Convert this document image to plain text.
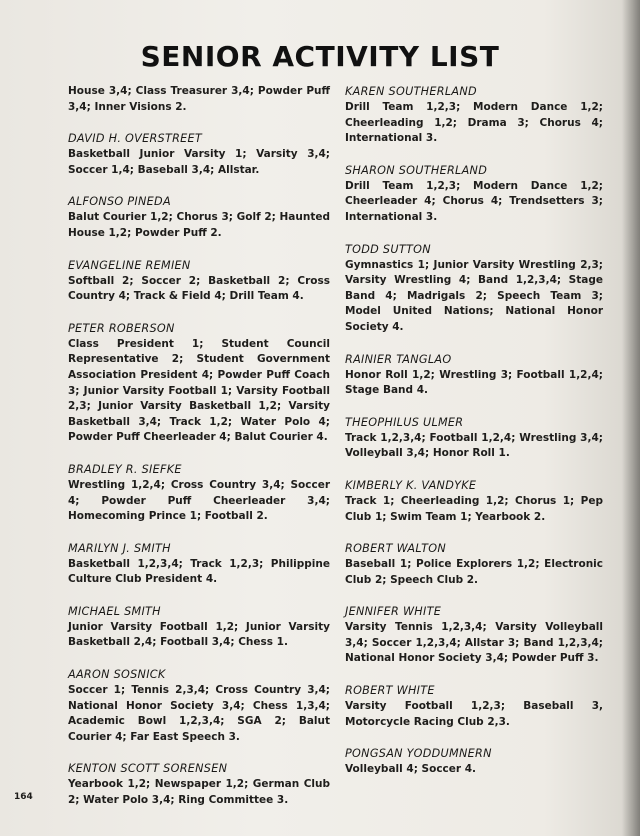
SENIOR ACTIVITY LIST

House 3,4; Class Treasurer 3,4; Powder Puff 3,4; Inner Visions 2.

DAVID H. OVERSTREET

Basketball Junior Varsity 1; Varsity 3,4; Soccer 1,4; Baseball 3,4; Allstar.

ALFONSO PINEDA

Balut Courier 1,2; Chorus 3; Golf 2; Haunted House 1,2; Powder Puff 2.

EVANGELINE REMIEN

Softball 2; Soccer 2; Basketball 2; Cross Country 4; Track & Field 4; Drill Team 4.

PETER ROBERSON

Class President 1; Student Council Representative 2; Student Government Association President 4; Powder Puff Coach 3; Junior Varsity Football 1; Varsity Football 2,3; Junior Varsity Basketball 1,2; Varsity Basketball 3,4; Track 1,2; Water Polo 4; Powder Puff Cheerleader 4; Balut Courier 4.

BRADLEY R. SIEFKE

Wrestling 1,2,4; Cross Country 3,4; Soccer 4; Powder Puff Cheerleader 3,4; Homecoming Prince 1; Football 2.

MARILYN J. SMITH

Basketball 1,2,3,4; Track 1,2,3; Philippine Culture Club President 4.

MICHAEL SMITH

Junior Varsity Football 1,2; Junior Varsity Basketball 2,4; Football 3,4; Chess 1.

AARON SOSNICK

Soccer 1; Tennis 2,3,4; Cross Country 3,4; National Honor Society 3,4; Chess 1,3,4; Academic Bowl 1,2,3,4; SGA 2; Balut Courier 4; Far East Speech 3.

KENTON SCOTT SORENSEN

Yearbook 1,2; Newspaper 1,2; German Club 2; Water Polo 3,4; Ring Committee 3.

KAREN SOUTHERLAND

Drill Team 1,2,3; Modern Dance 1,2; Cheerleading 1,2; Drama 3; Chorus 4; International 3.

SHARON SOUTHERLAND

Drill Team 1,2,3; Modern Dance 1,2; Cheerleader 4; Chorus 4; Trendsetters 3; International 3.

TODD SUTTON

Gymnastics 1; Junior Varsity Wrestling 2,3; Varsity Wrestling 4; Band 1,2,3,4; Stage Band 4; Madrigals 2; Speech Team 3; Model United Nations; National Honor Society 4.

RAINIER TANGLAO

Honor Roll 1,2; Wrestling 3; Football 1,2,4; Stage Band 4.

THEOPHILUS ULMER

Track 1,2,3,4; Football 1,2,4; Wrestling 3,4; Volleyball 3,4; Honor Roll 1.

KIMBERLY K. VANDYKE

Track 1; Cheerleading 1,2; Chorus 1; Pep Club 1; Swim Team 1; Yearbook 2.

ROBERT WALTON

Baseball 1; Police Explorers 1,2; Electronic Club 2; Speech Club 2.

JENNIFER WHITE

Varsity Tennis 1,2,3,4; Varsity Volleyball 3,4; Soccer 1,2,3,4; Allstar 3; Band 1,2,3,4; National Honor Society 3,4; Powder Puff 3.

ROBERT WHITE

Varsity Football 1,2,3; Baseball 3, Motorcycle Racing Club 2,3.

PONGSAN YODDUMNERN

Volleyball 4; Soccer 4.

164
